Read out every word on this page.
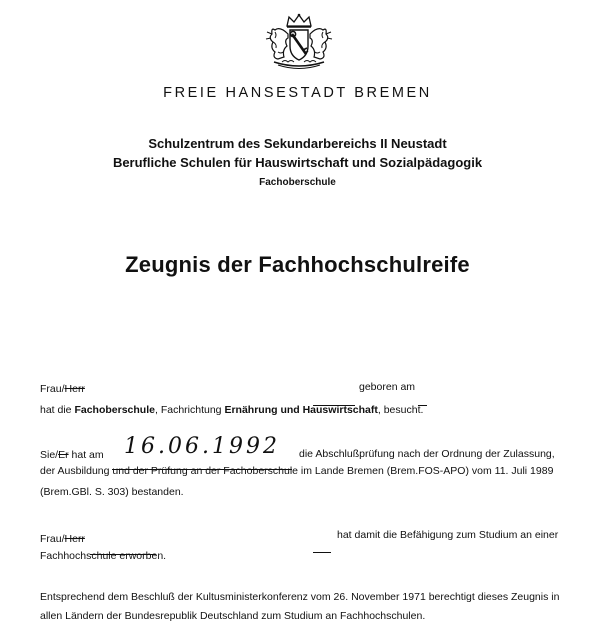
FREIE HANSESTADT BREMEN
Schulzentrum des Sekundarbereichs II Neustadt
Berufliche Schulen für Hauswirtschaft und Sozialpädagogik
Fachoberschule
Zeugnis der Fachhochschulreife
Frau/Herr	geboren am
hat die Fachoberschule, Fachrichtung Ernährung und Hauswirtschaft, besucht.
Sie/Er hat am 16.06.1992 die Abschlußprüfung nach der Ordnung der Zulassung,
der Ausbildung und der Prüfung an der Fachoberschule im Lande Bremen (Brem.FOS-APO) vom 11. Juli 1989
(Brem.GBl. S. 303) bestanden.
Frau/Herr	hat damit die Befähigung zum Studium an einer
Fachhochschule erworben.
Entsprechend dem Beschluß der Kultusministerkonferenz vom 26. November 1971 berechtigt dieses Zeugnis in
allen Ländern der Bundesrepublik Deutschland zum Studium an Fachhochschulen.
